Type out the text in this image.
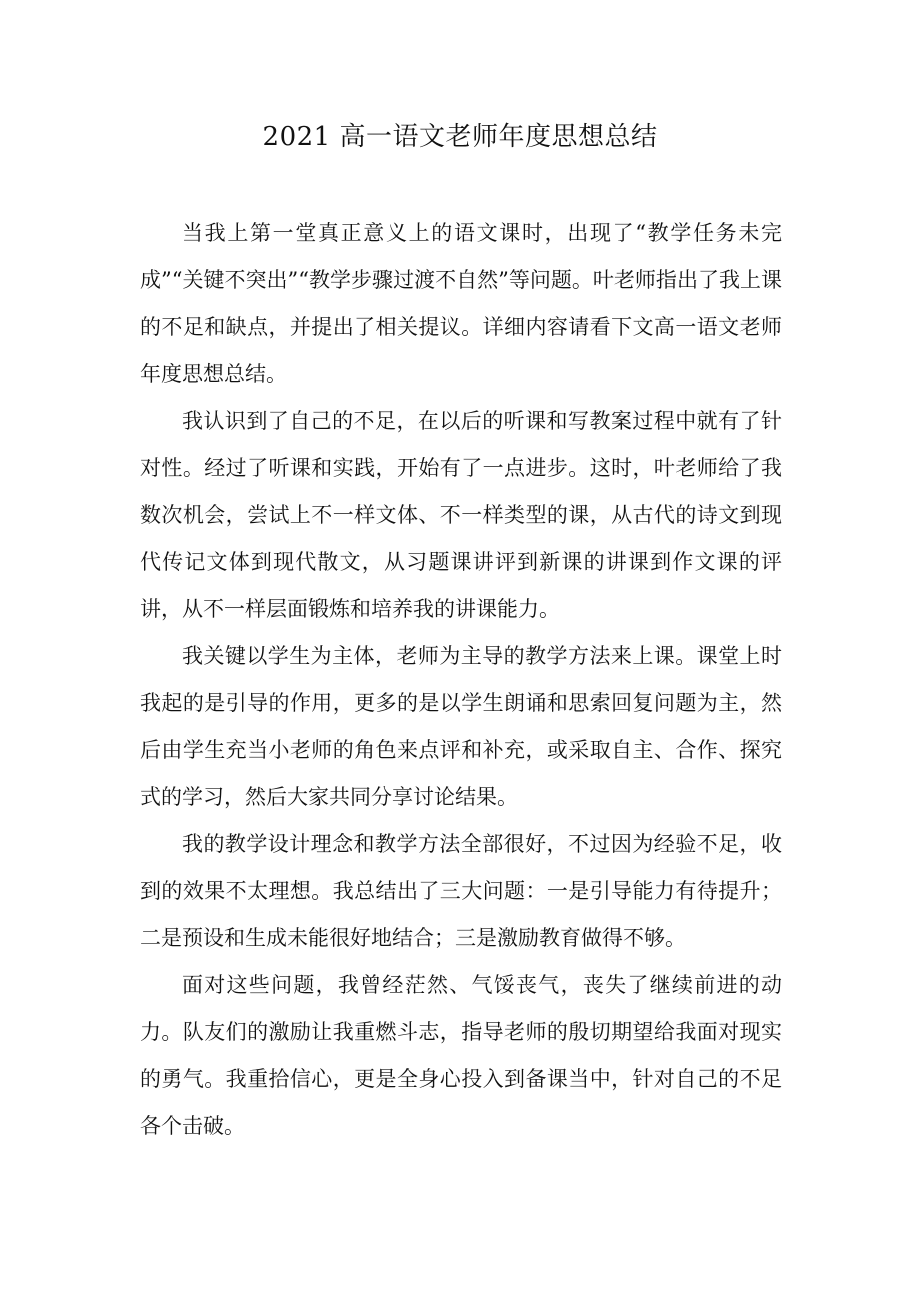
2021 高一语文老师年度思想总结

当我上第一堂真正意义上的语文课时，出现了“教学任务未完成”“关键不突出”“教学步骤过渡不自然”等问题。叶老师指出了我上课的不足和缺点，并提出了相关提议。详细内容请看下文高一语文老师年度思想总结。

我认识到了自己的不足，在以后的听课和写教案过程中就有了针对性。经过了听课和实践，开始有了一点进步。这时，叶老师给了我数次机会，尝试上不一样文体、不一样类型的课，从古代的诗文到现代传记文体到现代散文，从习题课讲评到新课的讲课到作文课的评讲，从不一样层面锻炼和培养我的讲课能力。

我关键以学生为主体，老师为主导的教学方法来上课。课堂上时我起的是引导的作用，更多的是以学生朗诵和思索回复问题为主，然后由学生充当小老师的角色来点评和补充，或采取自主、合作、探究式的学习，然后大家共同分享讨论结果。

我的教学设计理念和教学方法全部很好，不过因为经验不足，收到的效果不太理想。我总结出了三大问题：一是引导能力有待提升；二是预设和生成未能很好地结合；三是激励教育做得不够。

面对这些问题，我曾经茫然、气馁丧气，丧失了继续前进的动力。队友们的激励让我重燃斗志，指导老师的殷切期望给我面对现实的勇气。我重拾信心，更是全身心投入到备课当中，针对自己的不足各个击破。
